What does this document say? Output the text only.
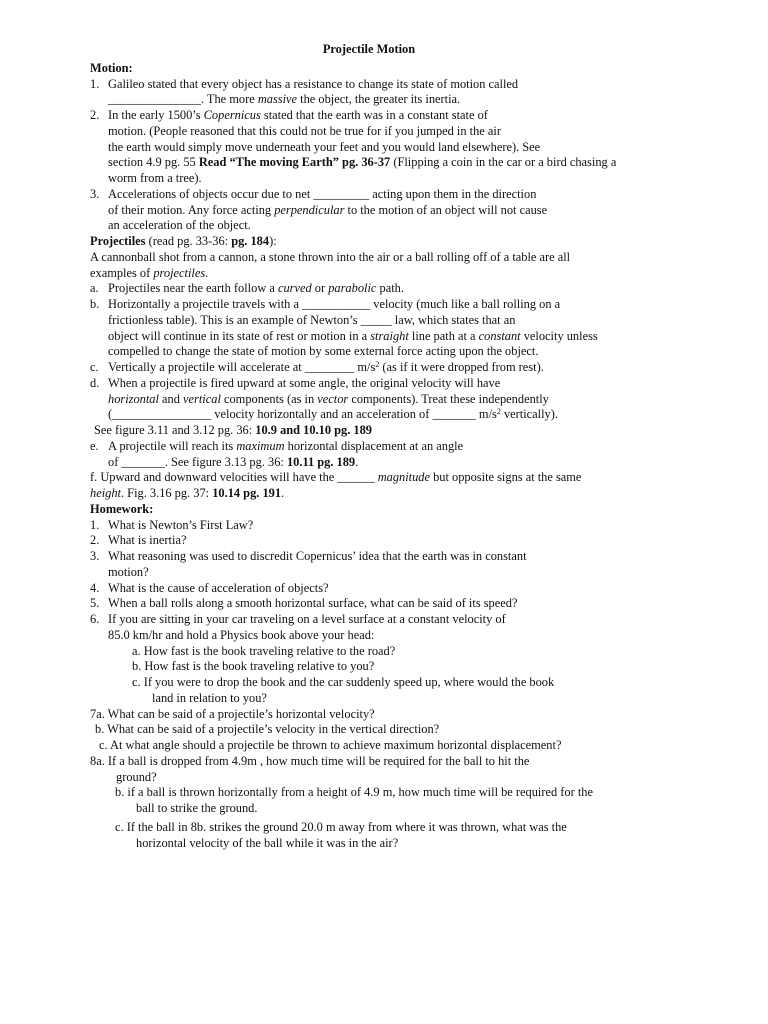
Projectile Motion
Motion:
1. Galileo stated that every object has a resistance to change its state of motion called
_______________. The more massive the object, the greater its inertia.
2. In the early 1500’s Copernicus stated that the earth was in a constant state of
motion. (People reasoned that this could not be true for if you jumped in the air
the earth would simply move underneath your feet and you would land elsewhere). See
section 4.9 pg. 55 Read “The moving Earth” pg. 36-37 (Flipping a coin in the car or a bird chasing a
worm from a tree).
3. Accelerations of objects occur due to net _________ acting upon them in the direction
of their motion. Any force acting perpendicular to the motion of an object will not cause
an acceleration of the object.
Projectiles (read pg. 33-36: pg. 184):
A cannonball shot from a cannon, a stone thrown into the air or a ball rolling off of a table are all
examples of projectiles.
a. Projectiles near the earth follow a curved or parabolic path.
b. Horizontally a projectile travels with a ___________ velocity (much like a ball rolling on a
frictionless table). This is an example of Newton’s _____ law, which states that an
object will continue in its state of rest or motion in a straight line path at a constant velocity unless
compelled to change the state of motion by some external force acting upon the object.
c. Vertically a projectile will accelerate at ________ $m/s^2$ (as if it were dropped from rest).
d. When a projectile is fired upward at some angle, the original velocity will have
horizontal and vertical components (as in vector components). Treat these independently
(________________ velocity horizontally and an acceleration of _______ $m/s^2$ vertically).
See figure 3.11 and 3.12 pg. 36: 10.9 and 10.10 pg. 189
e. A projectile will reach its maximum horizontal displacement at an angle
of _______. See figure 3.13 pg. 36: 10.11 pg. 189.
f. Upward and downward velocities will have the ______ magnitude but opposite signs at the same
height. Fig. 3.16 pg. 37: 10.14 pg. 191.
Homework:
1. What is Newton’s First Law?
2. What is inertia?
3. What reasoning was used to discredit Copernicus’ idea that the earth was in constant
motion?
4. What is the cause of acceleration of objects?
5. When a ball rolls along a smooth horizontal surface, what can be said of its speed?
6. If you are sitting in your car traveling on a level surface at a constant velocity of
85.0 km/hr and hold a Physics book above your head:
a. How fast is the book traveling relative to the road?
b. How fast is the book traveling relative to you?
c. If you were to drop the book and the car suddenly speed up, where would the book
land in relation to you?
7a. What can be said of a projectile’s horizontal velocity?
b. What can be said of a projectile’s velocity in the vertical direction?
c. At what angle should a projectile be thrown to achieve maximum horizontal displacement?
8a. If a ball is dropped from 4.9m , how much time will be required for the ball to hit the
ground?
b. if a ball is thrown horizontally from a height of 4.9 m, how much time will be required for the
ball to strike the ground.
c. If the ball in 8b. strikes the ground 20.0 m away from where it was thrown, what was the
horizontal velocity of the ball while it was in the air?
